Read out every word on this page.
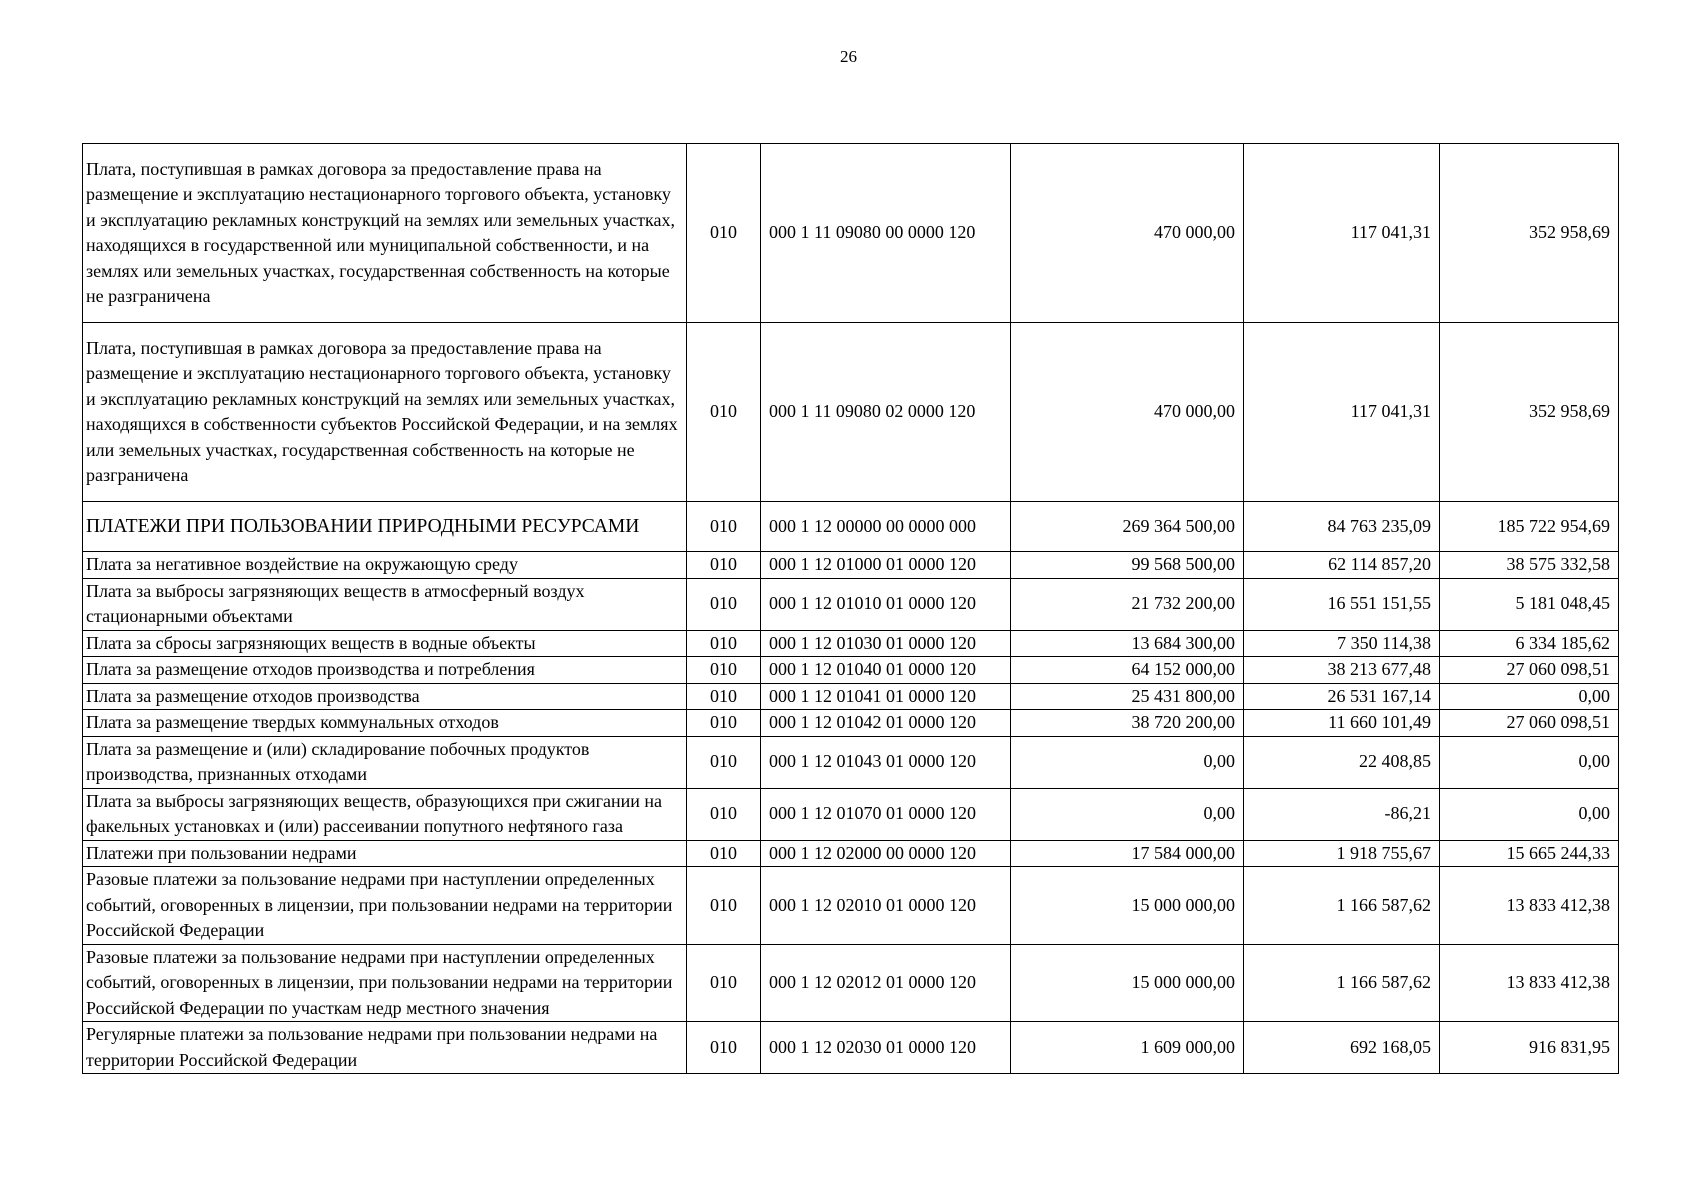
26
Плата, поступившая в рамках договора за предоставление права на размещение и эксплуатацию нестационарного торгового объекта, установку и эксплуатацию рекламных конструкций на землях или земельных участках, находящихся в государственной или муниципальной собственности, и на землях или земельных участках, государственная собственность на которые не разграничена	010	000 1 11 09080 00 0000 120	470 000,00	117 041,31	352 958,69
Плата, поступившая в рамках договора за предоставление права на размещение и эксплуатацию нестационарного торгового объекта, установку и эксплуатацию рекламных конструкций на землях или земельных участках, находящихся в собственности субъектов Российской Федерации, и на землях или земельных участках, государственная собственность на которые не разграничена	010	000 1 11 09080 02 0000 120	470 000,00	117 041,31	352 958,69
ПЛАТЕЖИ ПРИ ПОЛЬЗОВАНИИ ПРИРОДНЫМИ РЕСУРСАМИ	010	000 1 12 00000 00 0000 000	269 364 500,00	84 763 235,09	185 722 954,69
Плата за негативное воздействие на окружающую среду	010	000 1 12 01000 01 0000 120	99 568 500,00	62 114 857,20	38 575 332,58
Плата за выбросы загрязняющих веществ в атмосферный воздух стационарными объектами	010	000 1 12 01010 01 0000 120	21 732 200,00	16 551 151,55	5 181 048,45
Плата за сбросы загрязняющих веществ в водные объекты	010	000 1 12 01030 01 0000 120	13 684 300,00	7 350 114,38	6 334 185,62
Плата за размещение отходов производства и потребления	010	000 1 12 01040 01 0000 120	64 152 000,00	38 213 677,48	27 060 098,51
Плата за размещение отходов производства	010	000 1 12 01041 01 0000 120	25 431 800,00	26 531 167,14	0,00
Плата за размещение твердых коммунальных отходов	010	000 1 12 01042 01 0000 120	38 720 200,00	11 660 101,49	27 060 098,51
Плата за размещение и (или) складирование побочных продуктов производства, признанных отходами	010	000 1 12 01043 01 0000 120	0,00	22 408,85	0,00
Плата за выбросы загрязняющих веществ, образующихся при сжигании на факельных установках и (или) рассеивании попутного нефтяного газа	010	000 1 12 01070 01 0000 120	0,00	-86,21	0,00
Платежи при пользовании недрами	010	000 1 12 02000 00 0000 120	17 584 000,00	1 918 755,67	15 665 244,33
Разовые платежи за пользование недрами при наступлении определенных событий, оговоренных в лицензии, при пользовании недрами на территории Российской Федерации	010	000 1 12 02010 01 0000 120	15 000 000,00	1 166 587,62	13 833 412,38
Разовые платежи за пользование недрами при наступлении определенных событий, оговоренных в лицензии, при пользовании недрами на территории Российской Федерации по участкам недр местного значения	010	000 1 12 02012 01 0000 120	15 000 000,00	1 166 587,62	13 833 412,38
Регулярные платежи за пользование недрами при пользовании недрами на территории Российской Федерации	010	000 1 12 02030 01 0000 120	1 609 000,00	692 168,05	916 831,95
